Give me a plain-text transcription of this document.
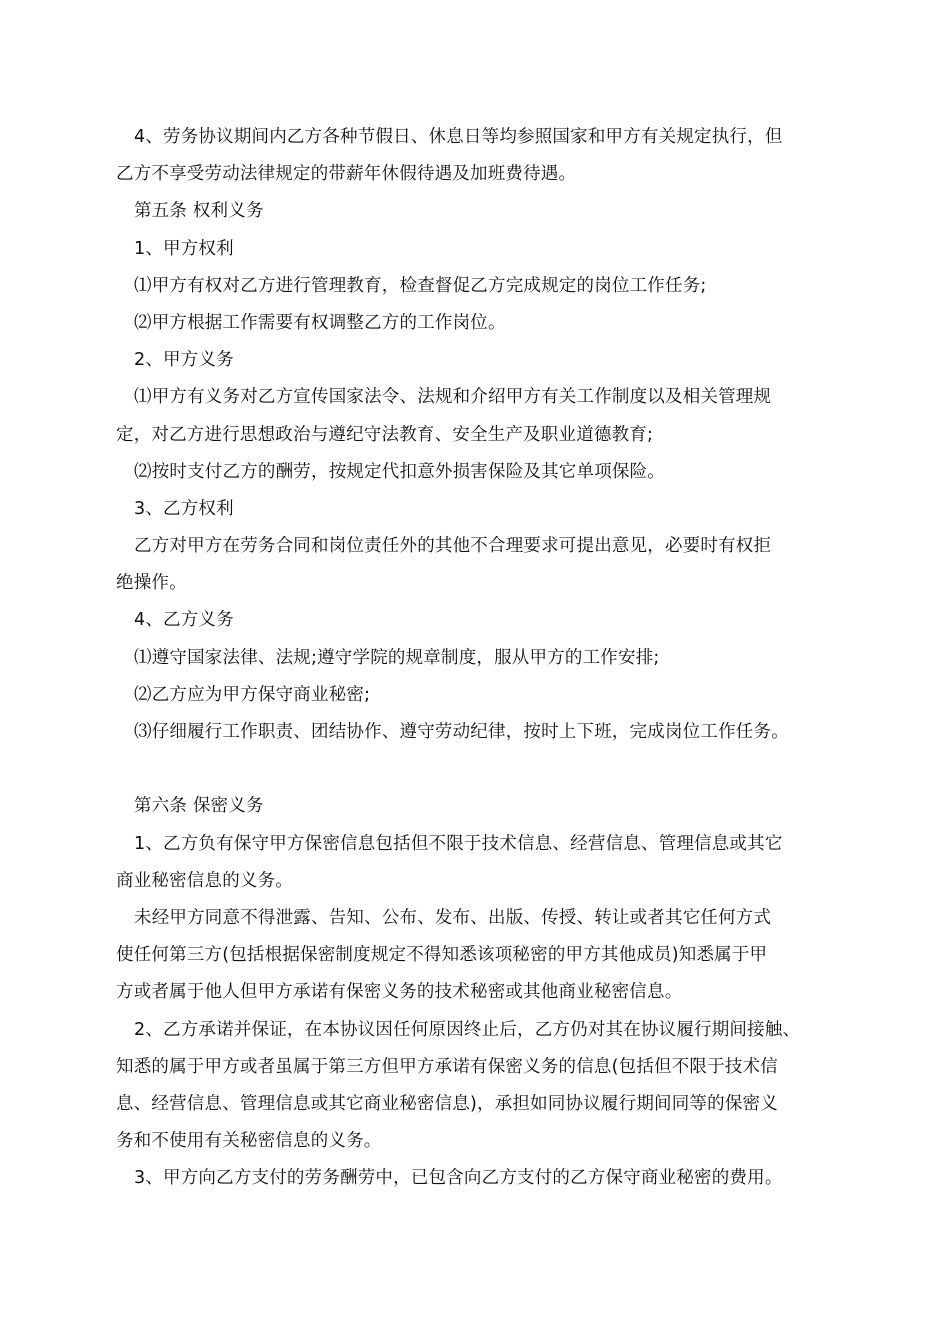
4、劳务协议期间内乙方各种节假日、休息日等均参照国家和甲方有关规定执行，但
乙方不享受劳动法律规定的带薪年休假待遇及加班费待遇。
第五条 权利义务
1、甲方权利
⑴甲方有权对乙方进行管理教育，检查督促乙方完成规定的岗位工作任务;
⑵甲方根据工作需要有权调整乙方的工作岗位。
2、甲方义务
⑴甲方有义务对乙方宣传国家法令、法规和介绍甲方有关工作制度以及相关管理规
定，对乙方进行思想政治与遵纪守法教育、安全生产及职业道德教育;
⑵按时支付乙方的酬劳，按规定代扣意外损害保险及其它单项保险。
3、乙方权利
乙方对甲方在劳务合同和岗位责任外的其他不合理要求可提出意见，必要时有权拒
绝操作。
4、乙方义务
⑴遵守国家法律、法规;遵守学院的规章制度，服从甲方的工作安排;
⑵乙方应为甲方保守商业秘密;
⑶仔细履行工作职责、团结协作、遵守劳动纪律，按时上下班，完成岗位工作任务。
第六条 保密义务
1、乙方负有保守甲方保密信息包括但不限于技术信息、经营信息、管理信息或其它
商业秘密信息的义务。
未经甲方同意不得泄露、告知、公布、发布、出版、传授、转让或者其它任何方式
使任何第三方(包括根据保密制度规定不得知悉该项秘密的甲方其他成员)知悉属于甲
方或者属于他人但甲方承诺有保密义务的技术秘密或其他商业秘密信息。
2、乙方承诺并保证，在本协议因任何原因终止后，乙方仍对其在协议履行期间接触、
知悉的属于甲方或者虽属于第三方但甲方承诺有保密义务的信息(包括但不限于技术信
息、经营信息、管理信息或其它商业秘密信息)，承担如同协议履行期间同等的保密义
务和不使用有关秘密信息的义务。
3、甲方向乙方支付的劳务酬劳中，已包含向乙方支付的乙方保守商业秘密的费用。
